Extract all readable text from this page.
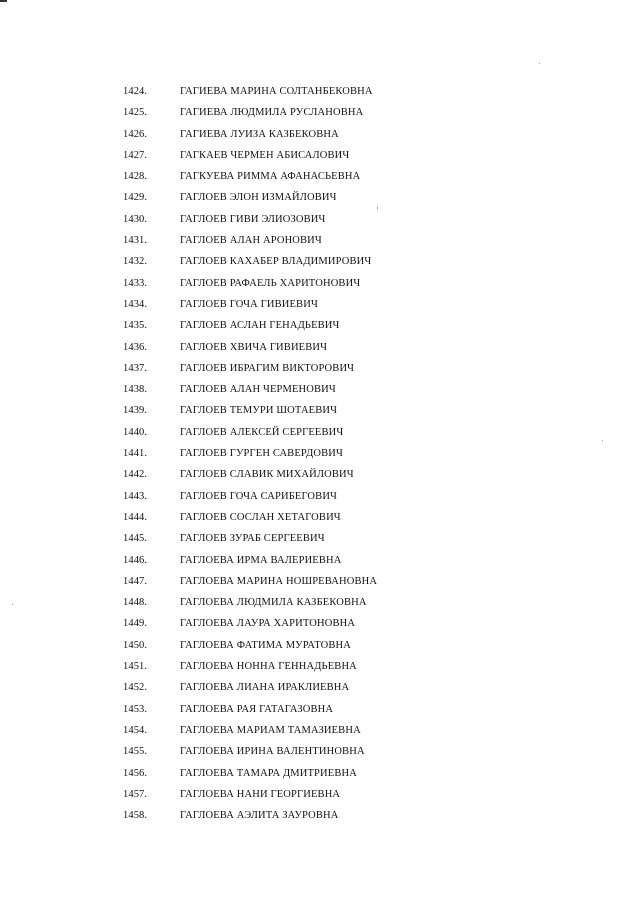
1424.	ГАГИЕВА МАРИНА СОЛТАНБЕКОВНА
1425.	ГАГИЕВА ЛЮДМИЛА РУСЛАНОВНА
1426.	ГАГИЕВА ЛУИЗА КАЗБЕКОВНА
1427.	ГАГКАЕВ ЧЕРМЕН АБИСАЛОВИЧ
1428.	ГАГКУЕВА РИММА АФАНАСЬЕВНА
1429.	ГАГЛОЕВ ЭЛОН ИЗМАЙЛОВИЧ
1430.	ГАГЛОЕВ ГИВИ ЭЛИОЗОВИЧ
1431.	ГАГЛОЕВ АЛАН АРОНОВИЧ
1432.	ГАГЛОЕВ КАХАБЕР ВЛАДИМИРОВИЧ
1433.	ГАГЛОЕВ РАФАЕЛЬ ХАРИТОНОВИЧ
1434.	ГАГЛОЕВ ГОЧА ГИВИЕВИЧ
1435.	ГАГЛОЕВ АСЛАН ГЕНАДЬЕВИЧ
1436.	ГАГЛОЕВ ХВИЧА ГИВИЕВИЧ
1437.	ГАГЛОЕВ ИБРАГИМ ВИКТОРОВИЧ
1438.	ГАГЛОЕВ АЛАН ЧЕРМЕНОВИЧ
1439.	ГАГЛОЕВ ТЕМУРИ ШОТАЕВИЧ
1440.	ГАГЛОЕВ АЛЕКСЕЙ СЕРГЕЕВИЧ
1441.	ГАГЛОЕВ ГУРГЕН САВЕРДОВИЧ
1442.	ГАГЛОЕВ СЛАВИК МИХАЙЛОВИЧ
1443.	ГАГЛОЕВ ГОЧА САРИБЕГОВИЧ
1444.	ГАГЛОЕВ СОСЛАН ХЕТАГОВИЧ
1445.	ГАГЛОЕВ ЗУРАБ СЕРГЕЕВИЧ
1446.	ГАГЛОЕВА ИРМА ВАЛЕРИЕВНА
1447.	ГАГЛОЕВА МАРИНА НОШРЕВАНОВНА
1448.	ГАГЛОЕВА ЛЮДМИЛА КАЗБЕКОВНА
1449.	ГАГЛОЕВА ЛАУРА ХАРИТОНОВНА
1450.	ГАГЛОЕВА ФАТИМА МУРАТОВНА
1451.	ГАГЛОЕВА НОННА ГЕННАДЬЕВНА
1452.	ГАГЛОЕВА ЛИАНА ИРАКЛИЕВНА
1453.	ГАГЛОЕВА РАЯ ГАТАГАЗОВНА
1454.	ГАГЛОЕВА МАРИАМ ТАМАЗИЕВНА
1455.	ГАГЛОЕВА ИРИНА ВАЛЕНТИНОВНА
1456.	ГАГЛОЕВА ТАМАРА ДМИТРИЕВНА
1457.	ГАГЛОЕВА НАНИ ГЕОРГИЕВНА
1458.	ГАГЛОЕВА АЭЛИТА ЗАУРОВНА
